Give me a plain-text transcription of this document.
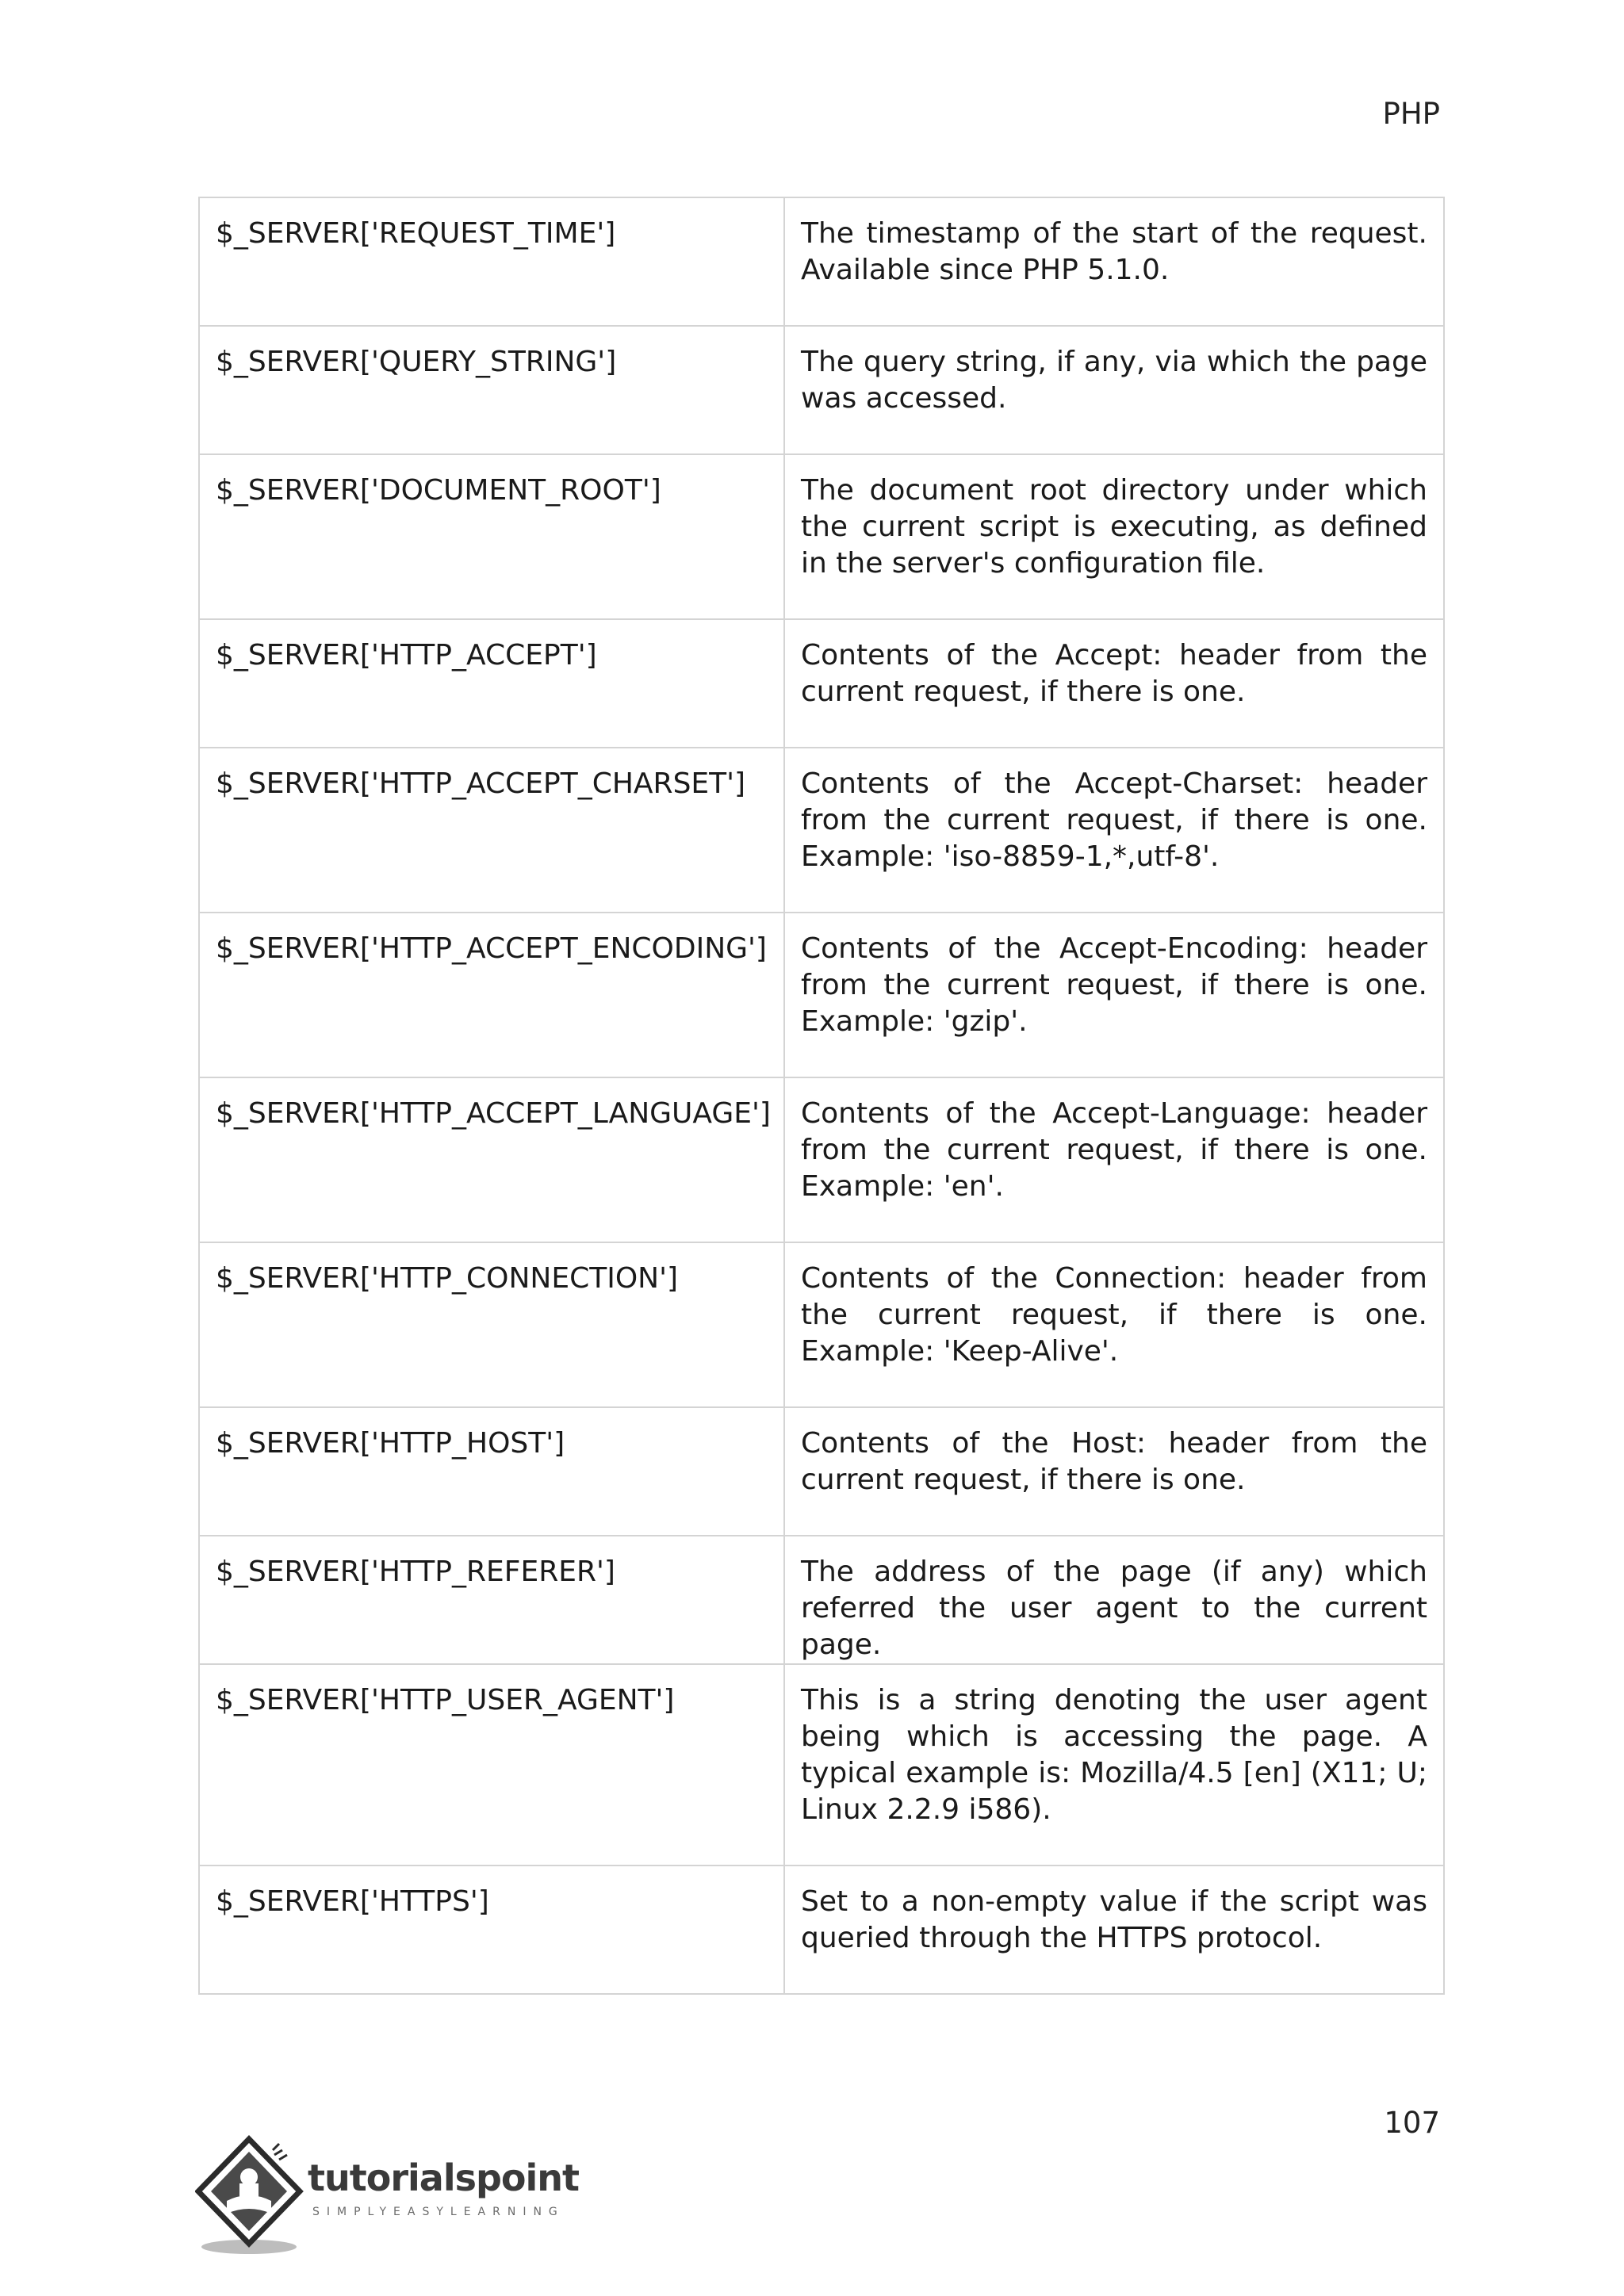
PHP
$_SERVER['REQUEST_TIME']	The timestamp of the start of the request. Available since PHP 5.1.0.
$_SERVER['QUERY_STRING']	The query string, if any, via which the page was accessed.
$_SERVER['DOCUMENT_ROOT']	The document root directory under which the current script is executing, as defined in the server's configuration file.
$_SERVER['HTTP_ACCEPT']	Contents of the Accept: header from the current request, if there is one.
$_SERVER['HTTP_ACCEPT_CHARSET']	Contents of the Accept-Charset: header from the current request, if there is one. Example: 'iso-8859-1,*,utf-8'.
$_SERVER['HTTP_ACCEPT_ENCODING']	Contents of the Accept-Encoding: header from the current request, if there is one. Example: 'gzip'.
$_SERVER['HTTP_ACCEPT_LANGUAGE']	Contents of the Accept-Language: header from the current request, if there is one. Example: 'en'.
$_SERVER['HTTP_CONNECTION']	Contents of the Connection: header from the current request, if there is one. Example: 'Keep-Alive'.
$_SERVER['HTTP_HOST']	Contents of the Host: header from the current request, if there is one.
$_SERVER['HTTP_REFERER']	The address of the page (if any) which referred the user agent to the current page.
$_SERVER['HTTP_USER_AGENT']	This is a string denoting the user agent being which is accessing the page. A typical example is: Mozilla/4.5 [en] (X11; U; Linux 2.2.9 i586).
$_SERVER['HTTPS']	Set to a non-empty value if the script was queried through the HTTPS protocol.
107
tutorialspoint
SIMPLYEASYLEARNING
